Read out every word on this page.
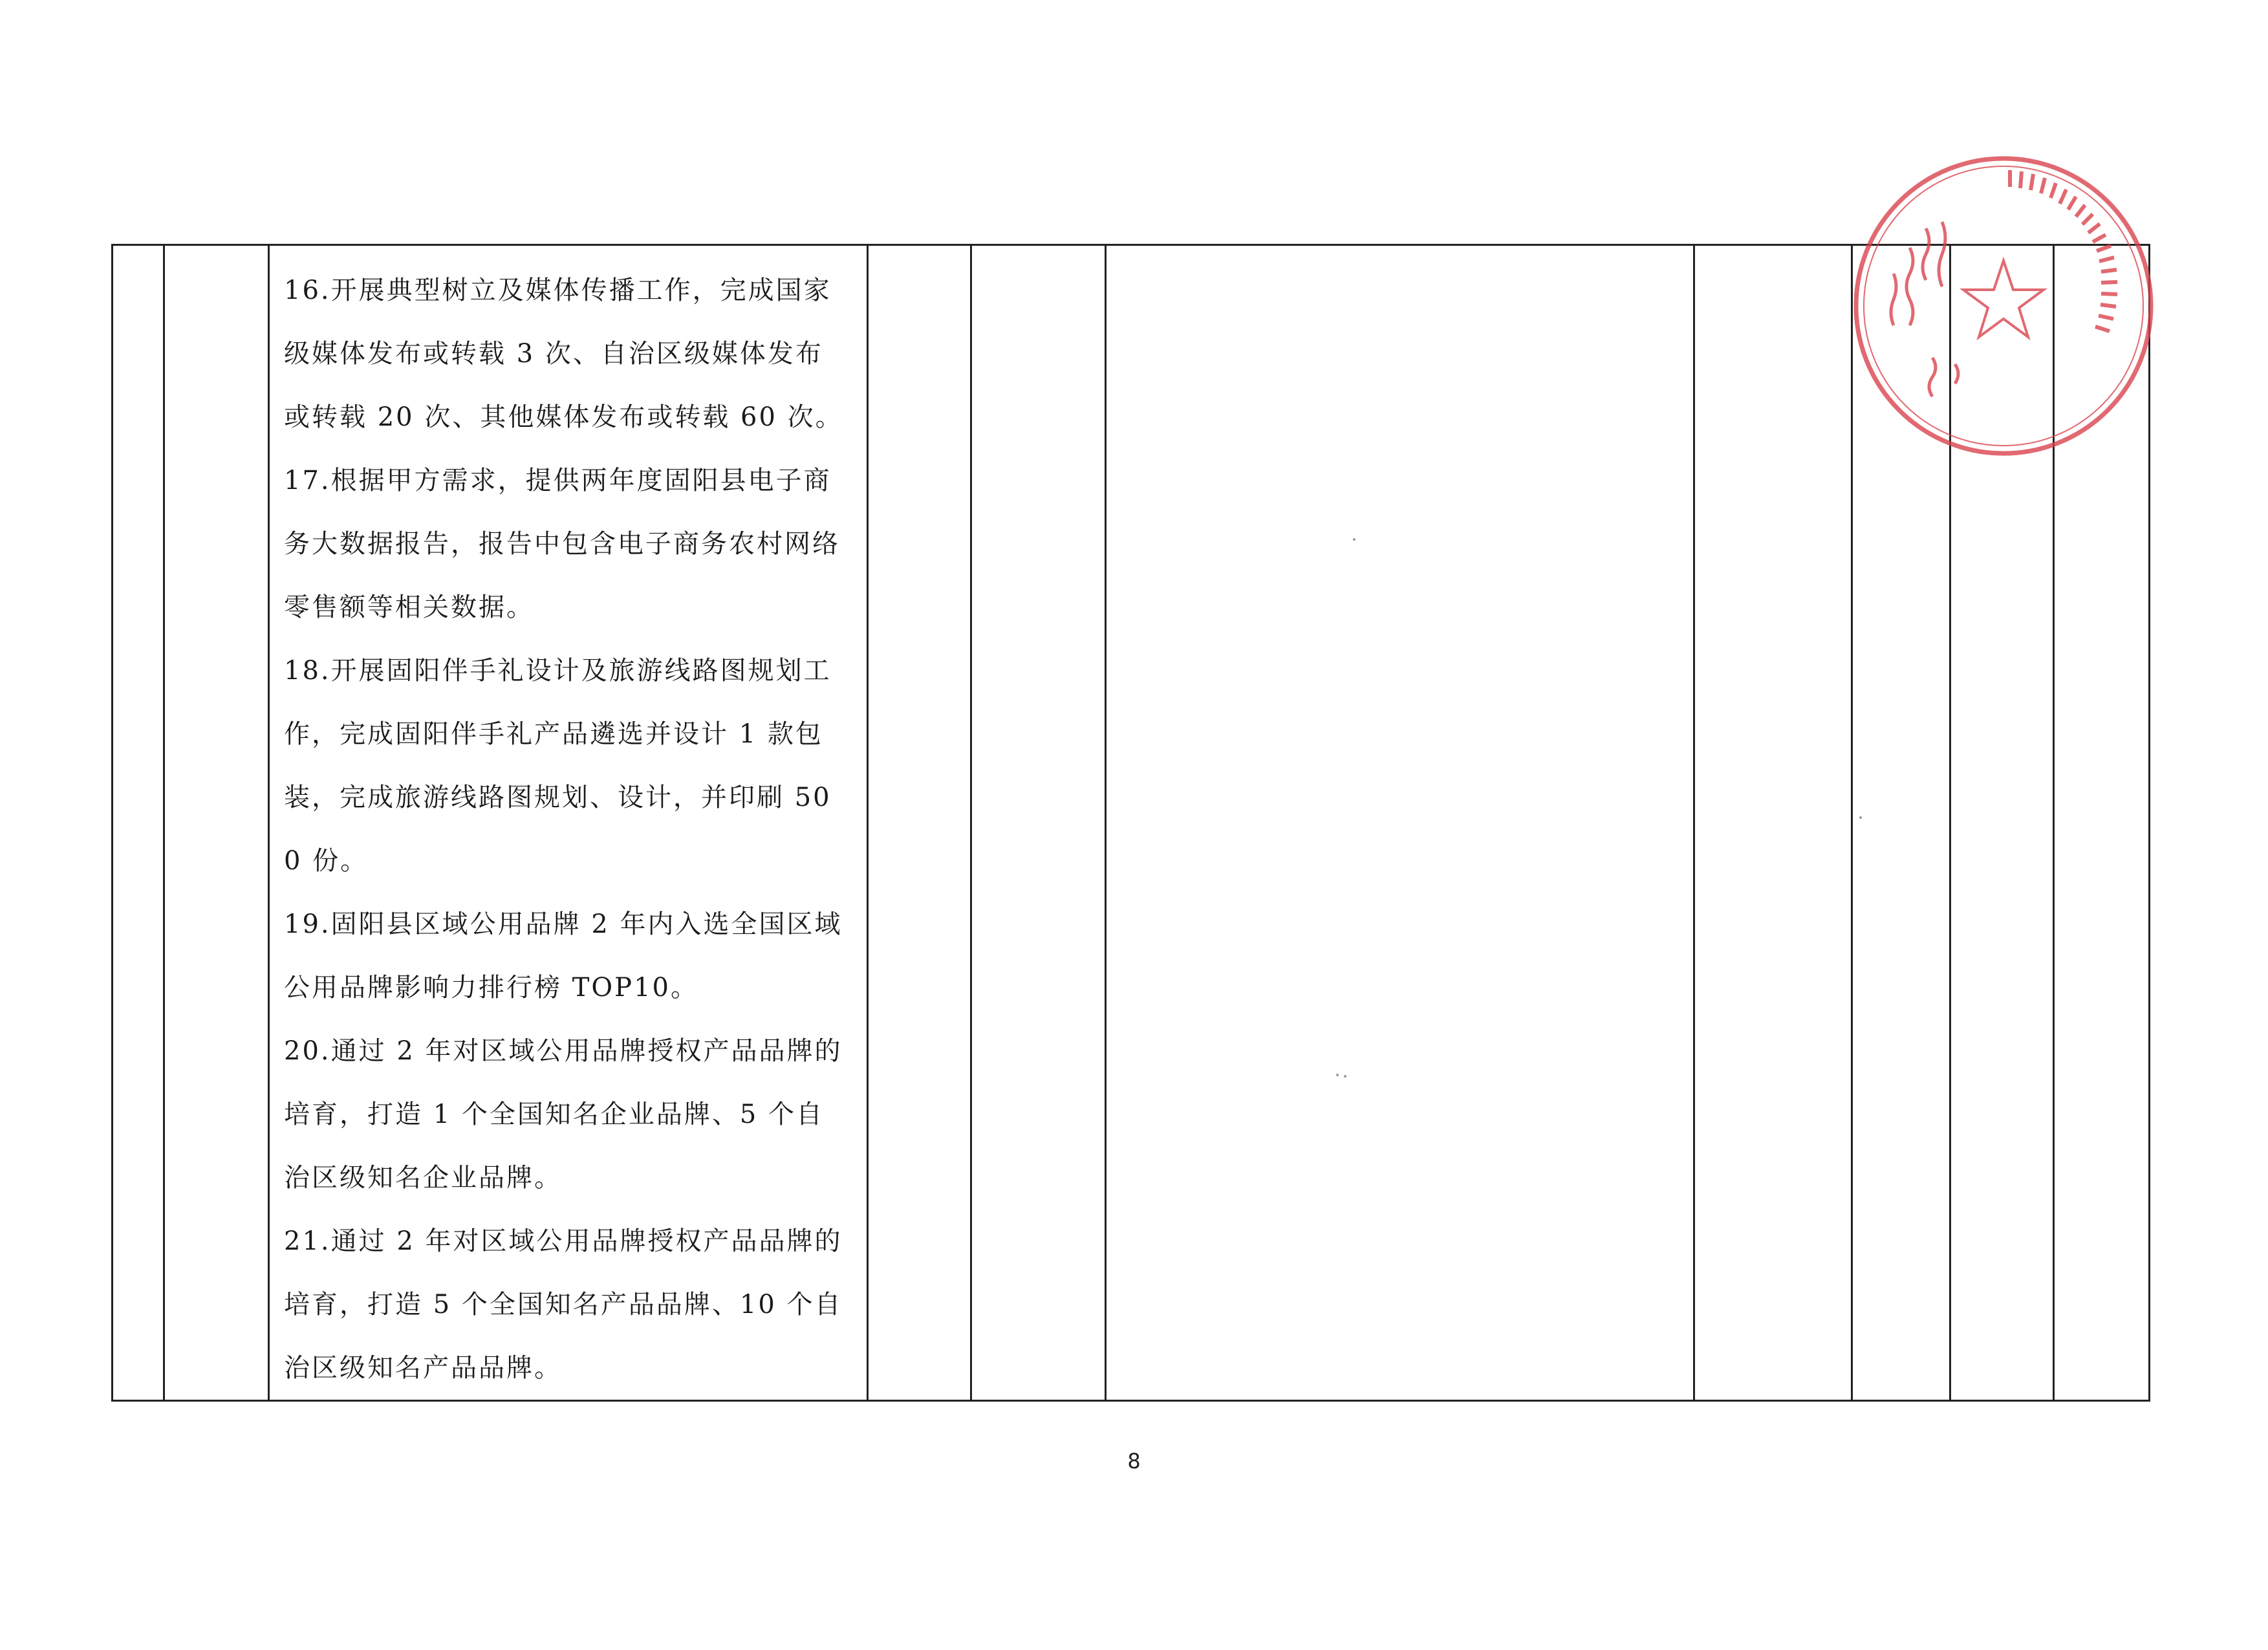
16.开展典型树立及媒体传播工作，完成国家级媒体发布或转载 3 次、自治区级媒体发布或转载 20 次、其他媒体发布或转载 60 次。

17.根据甲方需求，提供两年度固阳县电子商务大数据报告，报告中包含电子商务农村网络零售额等相关数据。

18.开展固阳伴手礼设计及旅游线路图规划工作，完成固阳伴手礼产品遴选并设计 1 款包装，完成旅游线路图规划、设计，并印刷 500 份。

19.固阳县区域公用品牌 2 年内入选全国区域公用品牌影响力排行榜 TOP10。

20.通过 2 年对区域公用品牌授权产品品牌的培育，打造 1 个全国知名企业品牌、5 个自治区级知名企业品牌。

21.通过 2 年对区域公用品牌授权产品品牌的培育，打造 5 个全国知名产品品牌、10 个自治区级知名产品品牌。

8
